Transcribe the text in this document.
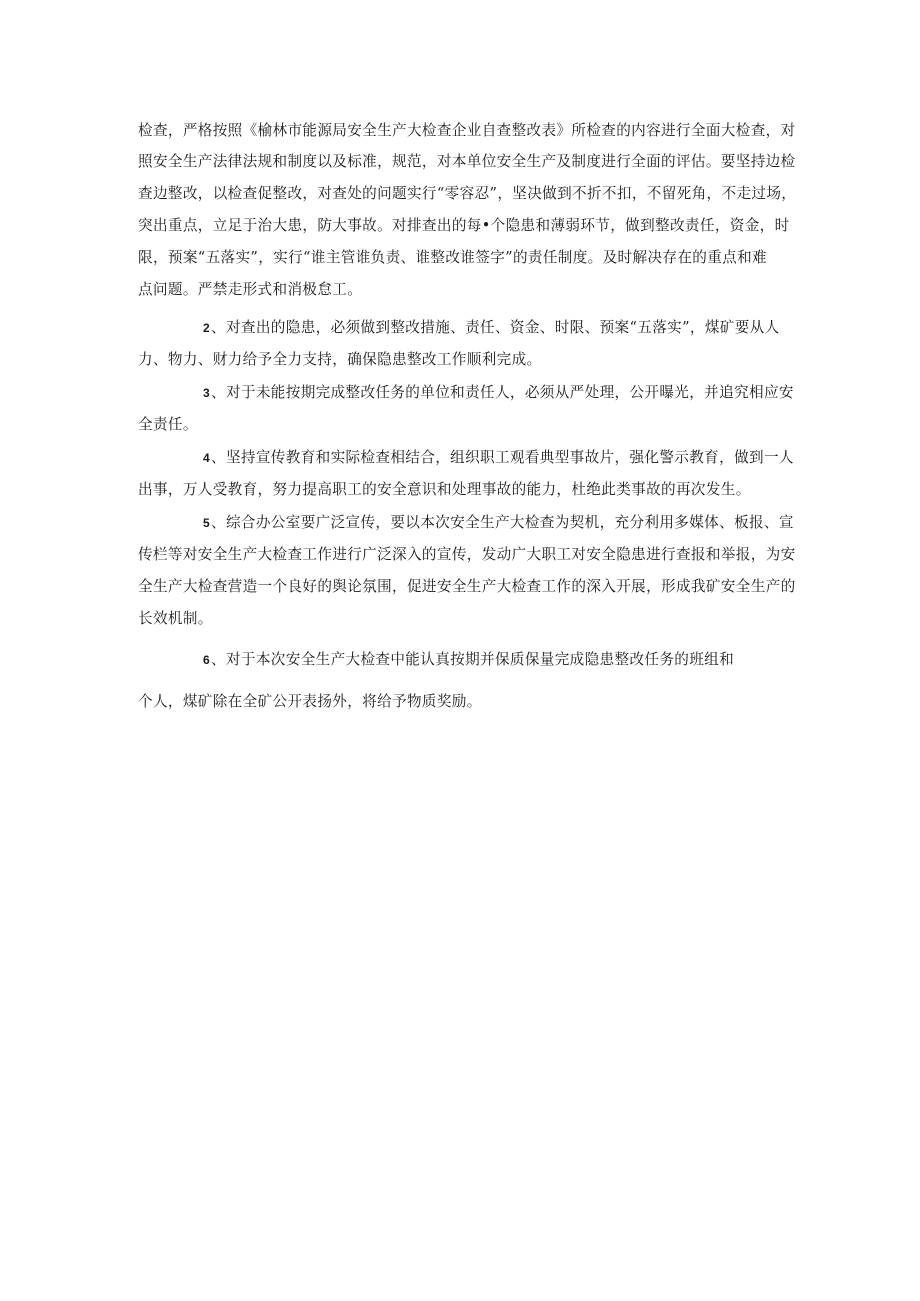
检查，严格按照《榆林市能源局安全生产大检查企业自查整改表》所检查的内容进行全面大检查，对
照安全生产法律法规和制度以及标准，规范，对本单位安全生产及制度进行全面的评估。要坚持边检
查边整改，以检查促整改，对查处的问题实行“零容忍”，坚决做到不折不扣，不留死角，不走过场，
突出重点，立足于治大患，防大事故。对排查出的每•个隐患和薄弱环节，做到整改责任，资金，时
限，预案“五落实”，实行“谁主管谁负责、谁整改谁签字”的责任制度。及时解决存在的重点和难
点问题。严禁走形式和消极怠工。
2、对查出的隐患，必须做到整改措施、责任、资金、时限、预案“五落实”，煤矿要从人
力、物力、财力给予全力支持，确保隐患整改工作顺利完成。
3、对于未能按期完成整改任务的单位和责任人，必须从严处理，公开曝光，并追究相应安
全责任。
4、坚持宣传教育和实际检查相结合，组织职工观看典型事故片，强化警示教育，做到一人
出事，万人受教育，努力提高职工的安全意识和处理事故的能力，杜绝此类事故的再次发生。
5、综合办公室要广泛宣传，要以本次安全生产大检查为契机，充分利用多媒体、板报、宣
传栏等对安全生产大检查工作进行广泛深入的宣传，发动广大职工对安全隐患进行查报和举报，为安
全生产大检查营造一个良好的舆论氛围，促进安全生产大检查工作的深入开展，形成我矿安全生产的
长效机制。
6、对于本次安全生产大检查中能认真按期并保质保量完成隐患整改任务的班组和
个人，煤矿除在全矿公开表扬外，将给予物质奖励。
